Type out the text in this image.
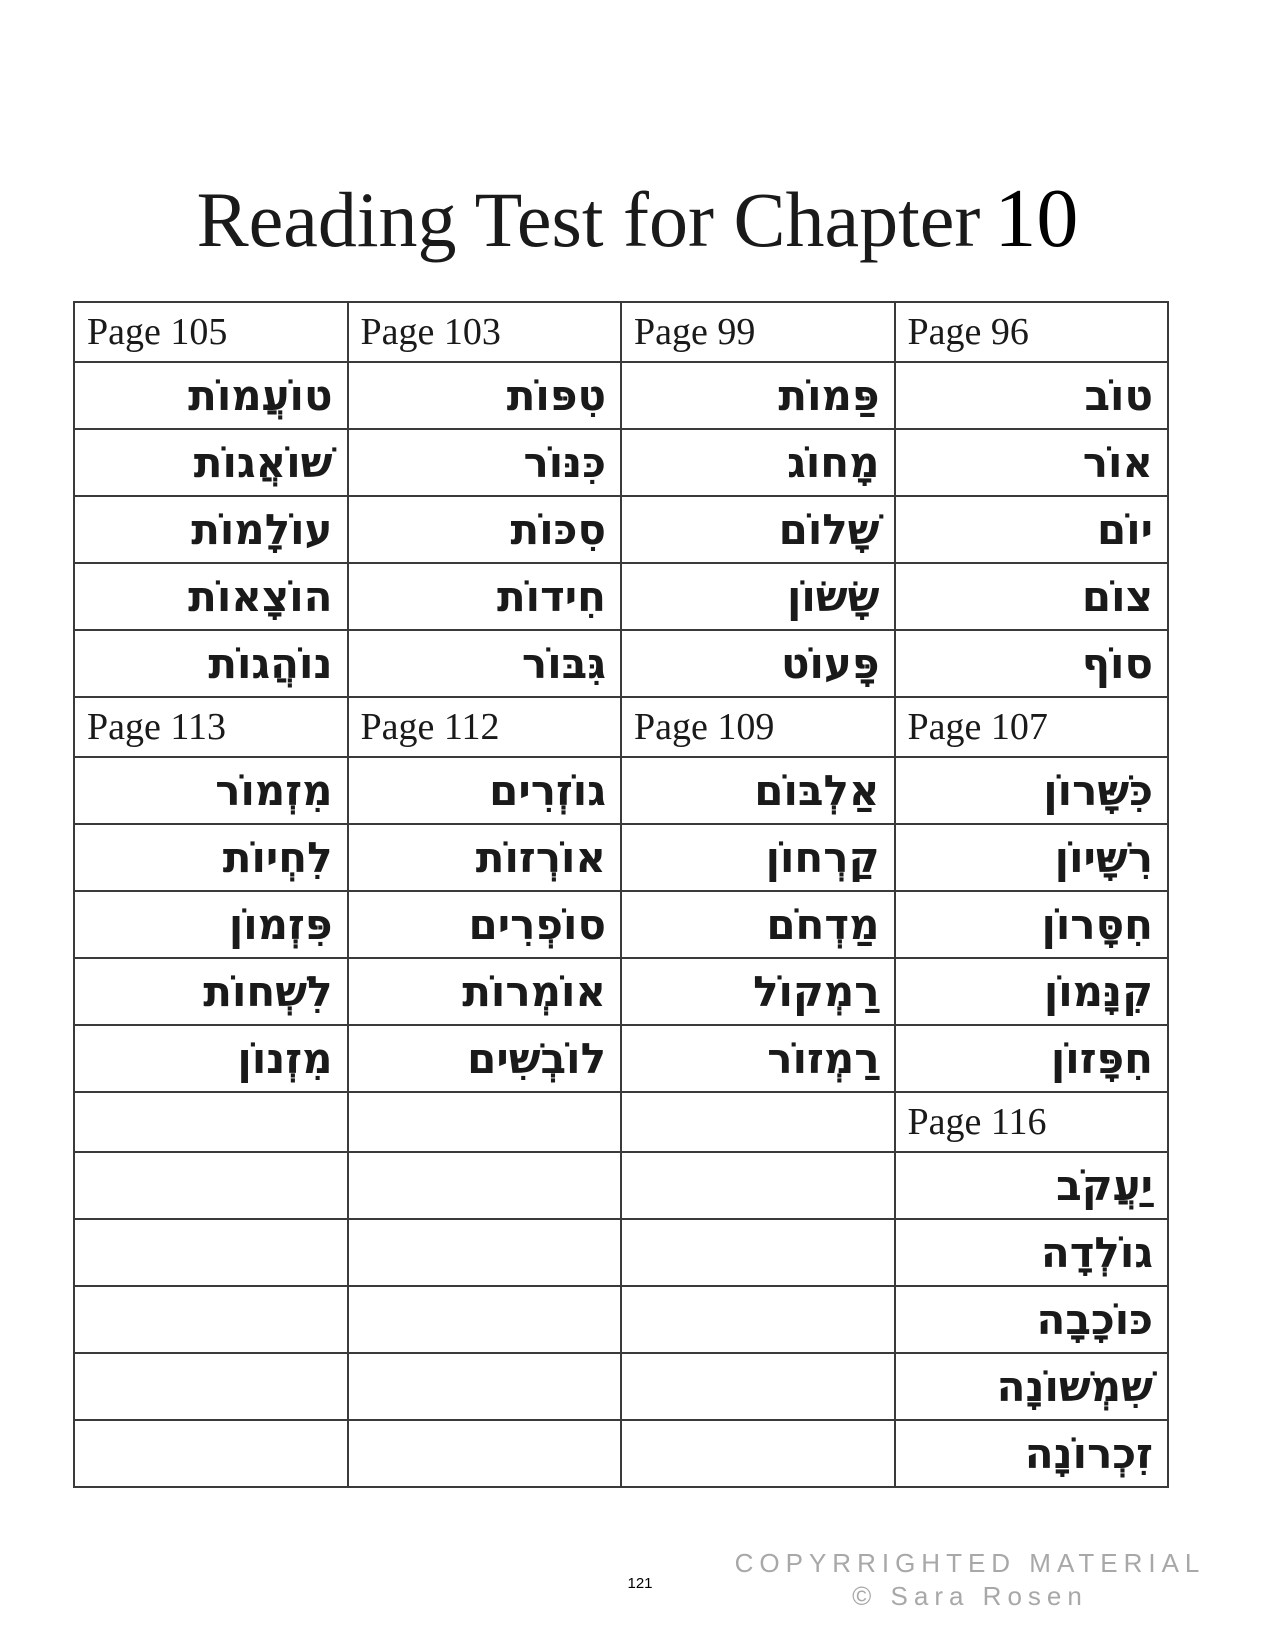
Reading Test for Chapter 10
Page 105	Page 103	Page 99	Page 96
טוֹעֲמוֹת	טִפּוֹת	פַּמוֹת	טוֹב
שׁוֹאֲגוֹת	כִּנּוֹר	מָחוֹג	אוֹר
עוֹלָמוֹת	סִכּוֹת	שָׁלוֹם	יוֹם
הוֹצָאוֹת	חִידוֹת	שָׂשׂוֹן	צוֹם
נוֹהֲגוֹת	גִּבּוֹר	פָּעוֹט	סוֹף
Page 113	Page 112	Page 109	Page 107
מִזְמוֹר	גוֹזְרִים	אַלְבּוֹם	כִּשָּׁרוֹן
לִחְיוֹת	אוֹרְזוֹת	קַרְחוֹן	רִשָּׁיוֹן
פִּזְמוֹן	סוֹפְרִים	מַדְחֹם	חִסָּרוֹן
לִשְׁחוֹת	אוֹמְרוֹת	רַמְקוֹל	קִנָּמוֹן
מִזְנוֹן	לוֹבְשִׁים	רַמְזוֹר	חִפָּזוֹן
			Page 116
			יַעֲקֹב
			גוֹלְדָה
			כּוֹכָבָה
			שִׁמְשׁוֹנָה
			זִכְרוֹנָה
121
COPYRRIGHTED MATERIAL
© Sara Rosen
